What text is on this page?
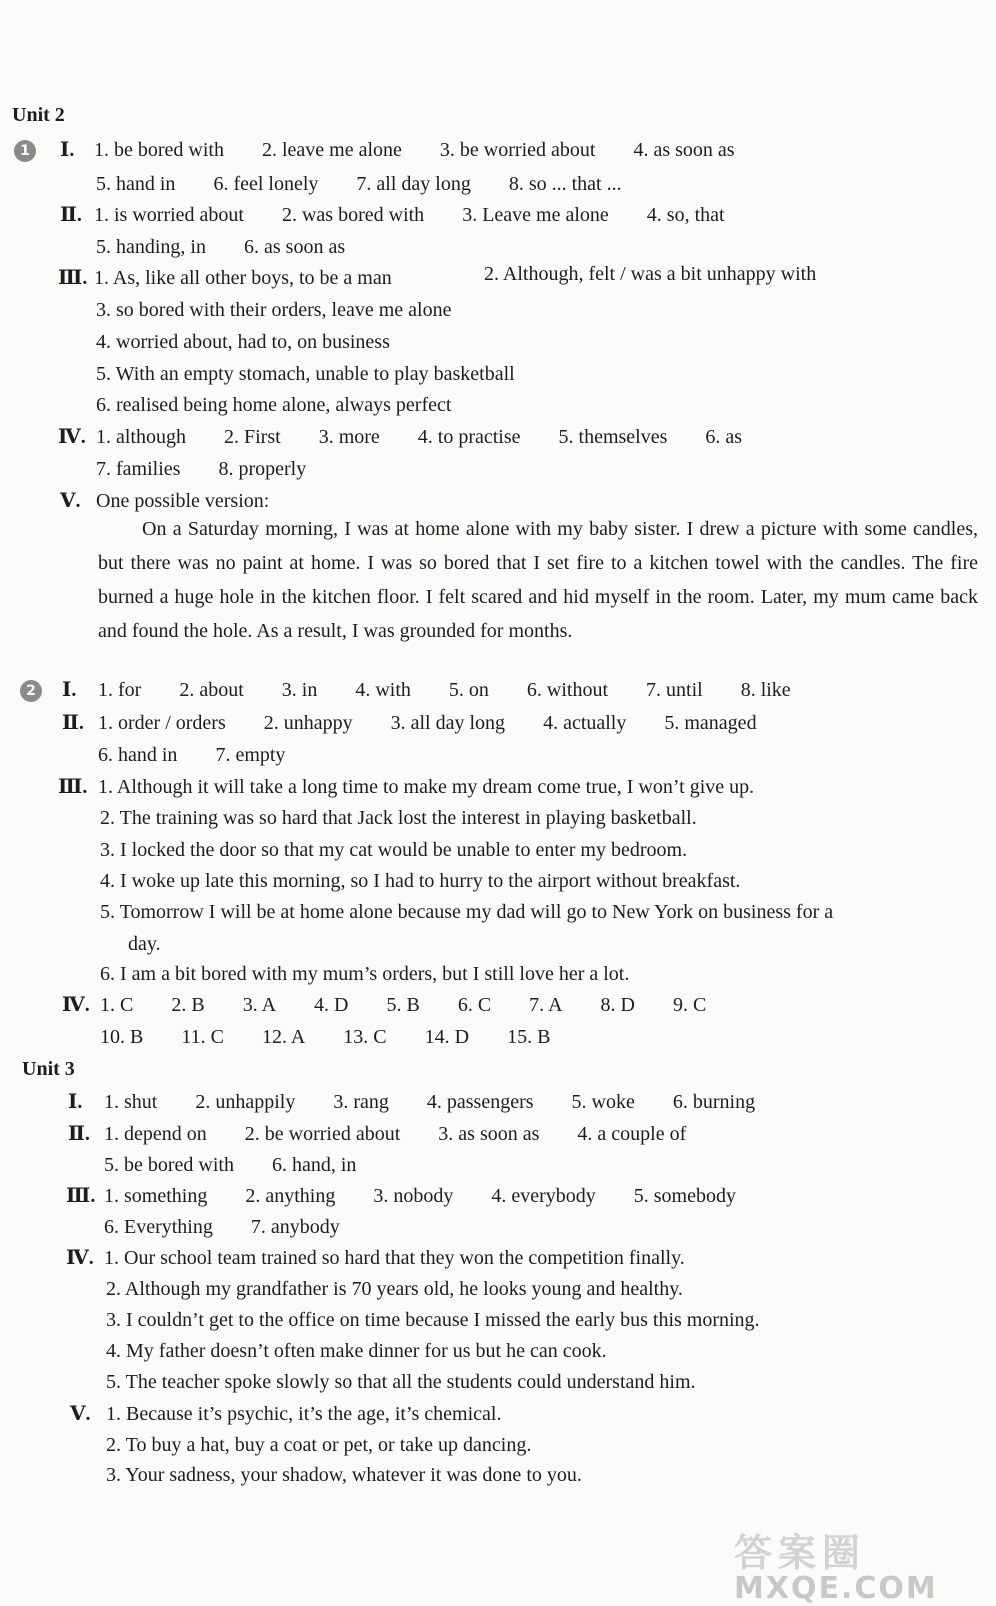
Unit 2
1	Ⅰ. 1. be bored with 2. leave me alone 3. be worried about 4. as soon as
5. hand in 6. feel lonely 7. all day long 8. so ... that ...
Ⅱ. 1. is worried about 2. was bored with 3. Leave me alone 4. so, that
5. handing, in 6. as soon as
Ⅲ. 1. As, like all other boys, to be a man	2. Although, felt / was a bit unhappy with
3. so bored with their orders, leave me alone
4. worried about, had to, on business
5. With an empty stomach, unable to play basketball
6. realised being home alone, always perfect
Ⅳ. 1. although 2. First 3. more 4. to practise 5. themselves 6. as
7. families 8. properly
Ⅴ. One possible version:
On a Saturday morning, I was at home alone with my baby sister. I drew a picture with some candles, but there was no paint at home. I was so bored that I set fire to a kitchen towel with the candles. The fire burned a huge hole in the kitchen floor. I felt scared and hid myself in the room. Later, my mum came back and found the hole. As a result, I was grounded for months.
2	Ⅰ. 1. for 2. about 3. in 4. with 5. on 6. without 7. until 8. like
Ⅱ. 1. order / orders 2. unhappy 3. all day long 4. actually 5. managed
6. hand in 7. empty
Ⅲ. 1. Although it will take a long time to make my dream come true, I won’t give up.
2. The training was so hard that Jack lost the interest in playing basketball.
3. I locked the door so that my cat would be unable to enter my bedroom.
4. I woke up late this morning, so I had to hurry to the airport without breakfast.
5. Tomorrow I will be at home alone because my dad will go to New York on business for a
day.
6. I am a bit bored with my mum’s orders, but I still love her a lot.
Ⅳ. 1. C 2. B 3. A 4. D 5. B 6. C 7. A 8. D 9. C
10. B 11. C 12. A 13. C 14. D 15. B
Unit 3
Ⅰ. 1. shut 2. unhappily 3. rang 4. passengers 5. woke 6. burning
Ⅱ. 1. depend on 2. be worried about 3. as soon as 4. a couple of
5. be bored with 6. hand, in
Ⅲ. 1. something 2. anything 3. nobody 4. everybody 5. somebody
6. Everything 7. anybody
Ⅳ. 1. Our school team trained so hard that they won the competition finally.
2. Although my grandfather is 70 years old, he looks young and healthy.
3. I couldn’t get to the office on time because I missed the early bus this morning.
4. My father doesn’t often make dinner for us but he can cook.
5. The teacher spoke slowly so that all the students could understand him.
Ⅴ. 1. Because it’s psychic, it’s the age, it’s chemical.
2. To buy a hat, buy a coat or pet, or take up dancing.
3. Your sadness, your shadow, whatever it was done to you.
答案圈
MXQE.COM
